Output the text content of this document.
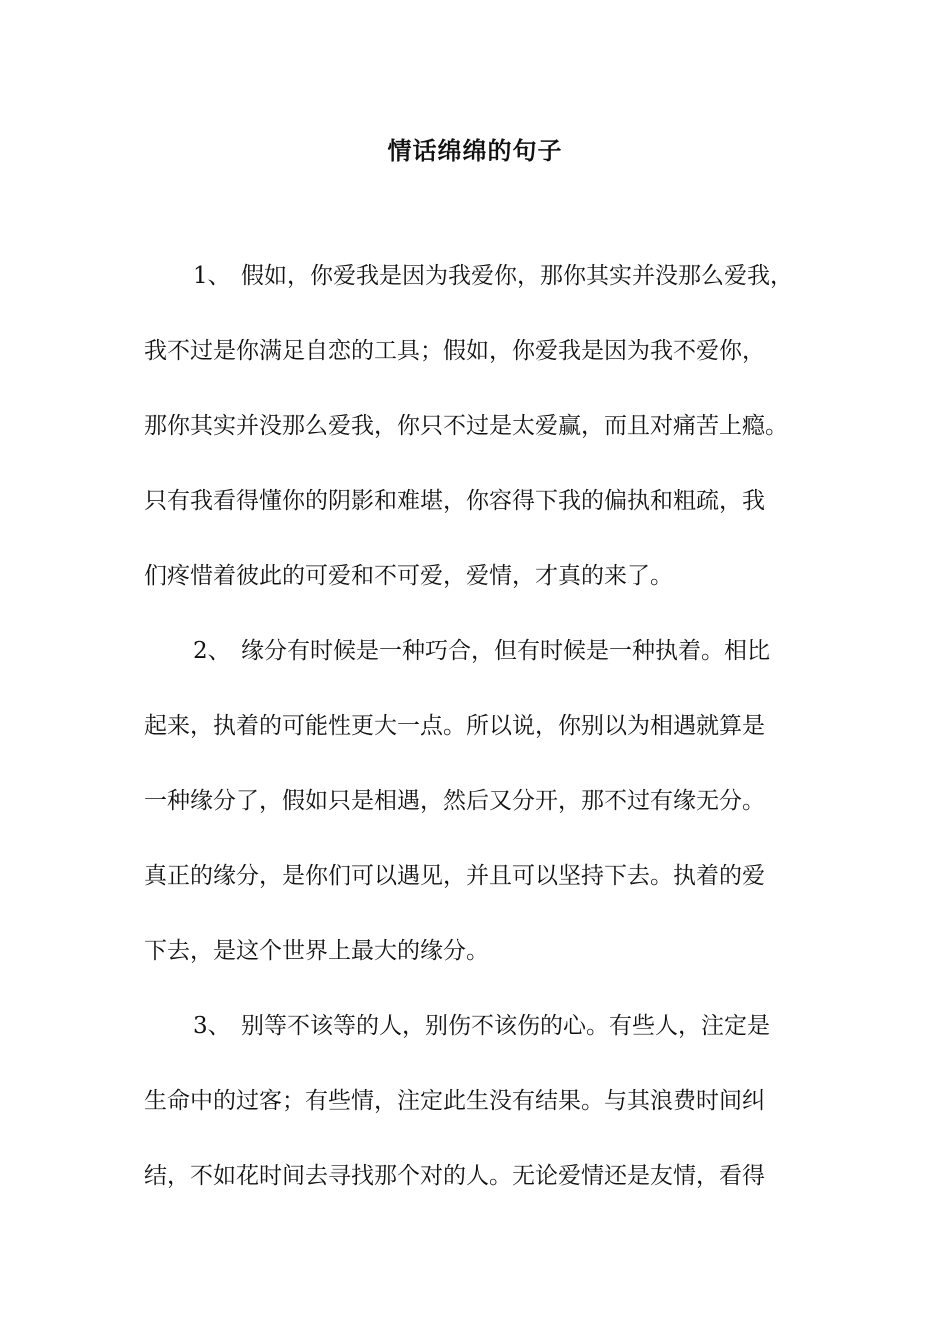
情话绵绵的句子
1、 假如，你爱我是因为我爱你，那你其实并没那么爱我，
我不过是你满足自恋的工具；假如，你爱我是因为我不爱你，
那你其实并没那么爱我，你只不过是太爱赢，而且对痛苦上瘾。
只有我看得懂你的阴影和难堪，你容得下我的偏执和粗疏，我
们疼惜着彼此的可爱和不可爱，爱情，才真的来了。
2、 缘分有时候是一种巧合，但有时候是一种执着。相比
起来，执着的可能性更大一点。所以说，你别以为相遇就算是
一种缘分了，假如只是相遇，然后又分开，那不过有缘无分。
真正的缘分，是你们可以遇见，并且可以坚持下去。执着的爱
下去，是这个世界上最大的缘分。
3、 别等不该等的人，别伤不该伤的心。有些人，注定是
生命中的过客；有些情，注定此生没有结果。与其浪费时间纠
结，不如花时间去寻找那个对的人。无论爱情还是友情，看得
